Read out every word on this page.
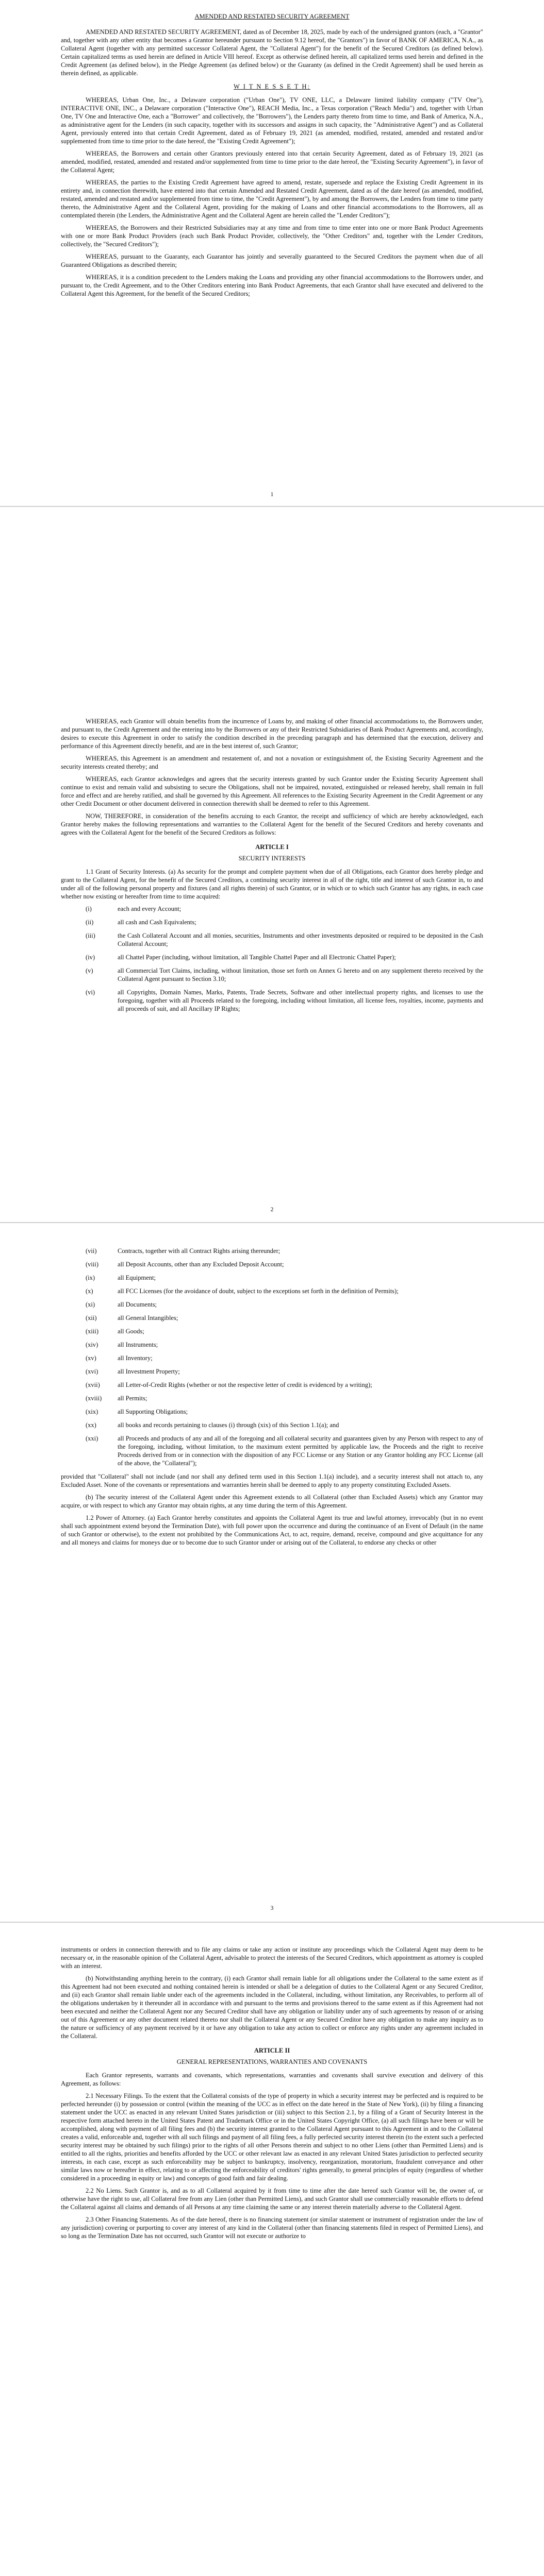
AMENDED AND RESTATED SECURITY AGREEMENT

AMENDED AND RESTATED SECURITY AGREEMENT, dated as of December 18, 2025, made by each of the undersigned grantors (each, a "Grantor" and, together with any other entity that becomes a Grantor hereunder pursuant to Section 9.12 hereof, the "Grantors") in favor of BANK OF AMERICA, N.A., as Collateral Agent (together with any permitted successor Collateral Agent, the "Collateral Agent") for the benefit of the Secured Creditors (as defined below). Certain capitalized terms as used herein are defined in Article VIII hereof. Except as otherwise defined herein, all capitalized terms used herein and defined in the Credit Agreement (as defined below), in the Pledge Agreement (as defined below) or the Guaranty (as defined in the Credit Agreement) shall be used herein as therein defined, as applicable.

W I T N E S S E T H:

WHEREAS, Urban One, Inc., a Delaware corporation ("Urban One"), TV ONE, LLC, a Delaware limited liability company ("TV One"), INTERACTIVE ONE, INC., a Delaware corporation ("Interactive One"), REACH Media, Inc., a Texas corporation ("Reach Media") and, together with Urban One, TV One and Interactive One, each a "Borrower" and collectively, the "Borrowers"), the Lenders party thereto from time to time, and Bank of America, N.A., as administrative agent for the Lenders (in such capacity, together with its successors and assigns in such capacity, the "Administrative Agent") and as Collateral Agent, previously entered into that certain Credit Agreement, dated as of February 19, 2021 (as amended, modified, restated, amended and restated and/or supplemented from time to time prior to the date hereof, the "Existing Credit Agreement");

WHEREAS, the Borrowers and certain other Grantors previously entered into that certain Security Agreement, dated as of February 19, 2021 (as amended, modified, restated, amended and restated and/or supplemented from time to time prior to the date hereof, the "Existing Security Agreement"), in favor of the Collateral Agent;

WHEREAS, the parties to the Existing Credit Agreement have agreed to amend, restate, supersede and replace the Existing Credit Agreement in its entirety and, in connection therewith, have entered into that certain Amended and Restated Credit Agreement, dated as of the date hereof (as amended, modified, restated, amended and restated and/or supplemented from time to time, the "Credit Agreement"), by and among the Borrowers, the Lenders from time to time party thereto, the Administrative Agent and the Collateral Agent, providing for the making of Loans and other financial accommodations to the Borrowers, all as contemplated therein (the Lenders, the Administrative Agent and the Collateral Agent are herein called the "Lender Creditors");

WHEREAS, the Borrowers and their Restricted Subsidiaries may at any time and from time to time enter into one or more Bank Product Agreements with one or more Bank Product Providers (each such Bank Product Provider, collectively, the "Other Creditors" and, together with the Lender Creditors, collectively, the "Secured Creditors");

WHEREAS, pursuant to the Guaranty, each Guarantor has jointly and severally guaranteed to the Secured Creditors the payment when due of all Guaranteed Obligations as described therein;

WHEREAS, it is a condition precedent to the Lenders making the Loans and providing any other financial accommodations to the Borrowers under, and pursuant to, the Credit Agreement, and to the Other Creditors entering into Bank Product Agreements, that each Grantor shall have executed and delivered to the Collateral Agent this Agreement, for the benefit of the Secured Creditors;

1

WHEREAS, each Grantor will obtain benefits from the incurrence of Loans by, and making of other financial accommodations to, the Borrowers under, and pursuant to, the Credit Agreement and the entering into by the Borrowers or any of their Restricted Subsidiaries of Bank Product Agreements and, accordingly, desires to execute this Agreement in order to satisfy the condition described in the preceding paragraph and has determined that the execution, delivery and performance of this Agreement directly benefit, and are in the best interest of, such Grantor;

WHEREAS, this Agreement is an amendment and restatement of, and not a novation or extinguishment of, the Existing Security Agreement and the security interests created thereby; and

WHEREAS, each Grantor acknowledges and agrees that the security interests granted by such Grantor under the Existing Security Agreement shall continue to exist and remain valid and subsisting to secure the Obligations, shall not be impaired, novated, extinguished or released hereby, shall remain in full force and effect and are hereby ratified, and shall be governed by this Agreement. All references to the Existing Security Agreement in the Credit Agreement or any other Credit Document or other document delivered in connection therewith shall be deemed to refer to this Agreement.

NOW, THEREFORE, in consideration of the benefits accruing to each Grantor, the receipt and sufficiency of which are hereby acknowledged, each Grantor hereby makes the following representations and warranties to the Collateral Agent for the benefit of the Secured Creditors and hereby covenants and agrees with the Collateral Agent for the benefit of the Secured Creditors as follows:

ARTICLE I

SECURITY INTERESTS

1.1 Grant of Security Interests. (a) As security for the prompt and complete payment when due of all Obligations, each Grantor does hereby pledge and grant to the Collateral Agent, for the benefit of the Secured Creditors, a continuing security interest in all of the right, title and interest of such Grantor in, to and under all of the following personal property and fixtures (and all rights therein) of such Grantor, or in which or to which such Grantor has any rights, in each case whether now existing or hereafter from time to time acquired:

(i)	each and every Account;
(ii)	all cash and Cash Equivalents;
(iii)	the Cash Collateral Account and all monies, securities, Instruments and other investments deposited or required to be deposited in the Cash Collateral Account;
(iv)	all Chattel Paper (including, without limitation, all Tangible Chattel Paper and all Electronic Chattel Paper);
(v)	all Commercial Tort Claims, including, without limitation, those set forth on Annex G hereto and on any supplement thereto received by the Collateral Agent pursuant to Section 3.10;
(vi)	all Copyrights, Domain Names, Marks, Patents, Trade Secrets, Software and other intellectual property rights, and licenses to use the foregoing, together with all Proceeds related to the foregoing, including without limitation, all license fees, royalties, income, payments and all proceeds of suit, and all Ancillary IP Rights;
2
(vii)	Contracts, together with all Contract Rights arising thereunder;
(viii)	all Deposit Accounts, other than any Excluded Deposit Account;
(ix)	all Equipment;
(x)	all FCC Licenses (for the avoidance of doubt, subject to the exceptions set forth in the definition of Permits);
(xi)	all Documents;
(xii)	all General Intangibles;
(xiii)	all Goods;
(xiv)	all Instruments;
(xv)	all Inventory;
(xvi)	all Investment Property;
(xvii)	all Letter-of-Credit Rights (whether or not the respective letter of credit is evidenced by a writing);
(xviii)	all Permits;
(xix)	all Supporting Obligations;
(xx)	all books and records pertaining to clauses (i) through (xix) of this Section 1.1(a); and
(xxi)	all Proceeds and products of any and all of the foregoing and all collateral security and guarantees given by any Person with respect to any of the foregoing, including, without limitation, to the maximum extent permitted by applicable law, the Proceeds and the right to receive Proceeds derived from or in connection with the disposition of any FCC License or any Station or any Grantor holding any FCC License (all of the above, the "Collateral");

provided that "Collateral" shall not include (and nor shall any defined term used in this Section 1.1(a) include), and a security interest shall not attach to, any Excluded Asset. None of the covenants or representations and warranties herein shall be deemed to apply to any property constituting Excluded Assets.

(b) The security interest of the Collateral Agent under this Agreement extends to all Collateral (other than Excluded Assets) which any Grantor may acquire, or with respect to which any Grantor may obtain rights, at any time during the term of this Agreement.

1.2 Power of Attorney. (a) Each Grantor hereby constitutes and appoints the Collateral Agent its true and lawful attorney, irrevocably (but in no event shall such appointment extend beyond the Termination Date), with full power upon the occurrence and during the continuance of an Event of Default (in the name of such Grantor or otherwise), to the extent not prohibited by the Communications Act, to act, require, demand, receive, compound and give acquittance for any and all moneys and claims for moneys due or to become due to such Grantor under or arising out of the Collateral, to endorse any checks or other

3

instruments or orders in connection therewith and to file any claims or take any action or institute any proceedings which the Collateral Agent may deem to be necessary or, in the reasonable opinion of the Collateral Agent, advisable to protect the interests of the Secured Creditors, which appointment as attorney is coupled with an interest.

(b) Notwithstanding anything herein to the contrary, (i) each Grantor shall remain liable for all obligations under the Collateral to the same extent as if this Agreement had not been executed and nothing contained herein is intended or shall be a delegation of duties to the Collateral Agent or any Secured Creditor, and (ii) each Grantor shall remain liable under each of the agreements included in the Collateral, including, without limitation, any Receivables, to perform all of the obligations undertaken by it thereunder all in accordance with and pursuant to the terms and provisions thereof to the same extent as if this Agreement had not been executed and neither the Collateral Agent nor any Secured Creditor shall have any obligation or liability under any of such agreements by reason of or arising out of this Agreement or any other document related thereto nor shall the Collateral Agent or any Secured Creditor have any obligation to make any inquiry as to the nature or sufficiency of any payment received by it or have any obligation to take any action to collect or enforce any rights under any agreement included in the Collateral.

ARTICLE II

GENERAL REPRESENTATIONS, WARRANTIES AND COVENANTS

Each Grantor represents, warrants and covenants, which representations, warranties and covenants shall survive execution and delivery of this Agreement, as follows:

2.1 Necessary Filings. To the extent that the Collateral consists of the type of property in which a security interest may be perfected and is required to be perfected hereunder (i) by possession or control (within the meaning of the UCC as in effect on the date hereof in the State of New York), (ii) by filing a financing statement under the UCC as enacted in any relevant United States jurisdiction or (iii) subject to this Section 2.1, by a filing of a Grant of Security Interest in the respective form attached hereto in the United States Patent and Trademark Office or in the United States Copyright Office, (a) all such filings have been or will be accomplished, along with payment of all filing fees and (b) the security interest granted to the Collateral Agent pursuant to this Agreement in and to the Collateral creates a valid, enforceable and, together with all such filings and payment of all filing fees, a fully perfected security interest therein (to the extent such a perfected security interest may be obtained by such filings) prior to the rights of all other Persons therein and subject to no other Liens (other than Permitted Liens) and is entitled to all the rights, priorities and benefits afforded by the UCC or other relevant law as enacted in any relevant United States jurisdiction to perfected security interests, in each case, except as such enforceability may be subject to bankruptcy, insolvency, reorganization, moratorium, fraudulent conveyance and other similar laws now or hereafter in effect, relating to or affecting the enforceability of creditors' rights generally, to general principles of equity (regardless of whether considered in a proceeding in equity or law) and concepts of good faith and fair dealing.

2.2 No Liens. Such Grantor is, and as to all Collateral acquired by it from time to time after the date hereof such Grantor will be, the owner of, or otherwise have the right to use, all Collateral free from any Lien (other than Permitted Liens), and such Grantor shall use commercially reasonable efforts to defend the Collateral against all claims and demands of all Persons at any time claiming the same or any interest therein materially adverse to the Collateral Agent.

2.3 Other Financing Statements. As of the date hereof, there is no financing statement (or similar statement or instrument of registration under the law of any jurisdiction) covering or purporting to cover any interest of any kind in the Collateral (other than financing statements filed in respect of Permitted Liens), and so long as the Termination Date has not occurred, such Grantor will not execute or authorize to
